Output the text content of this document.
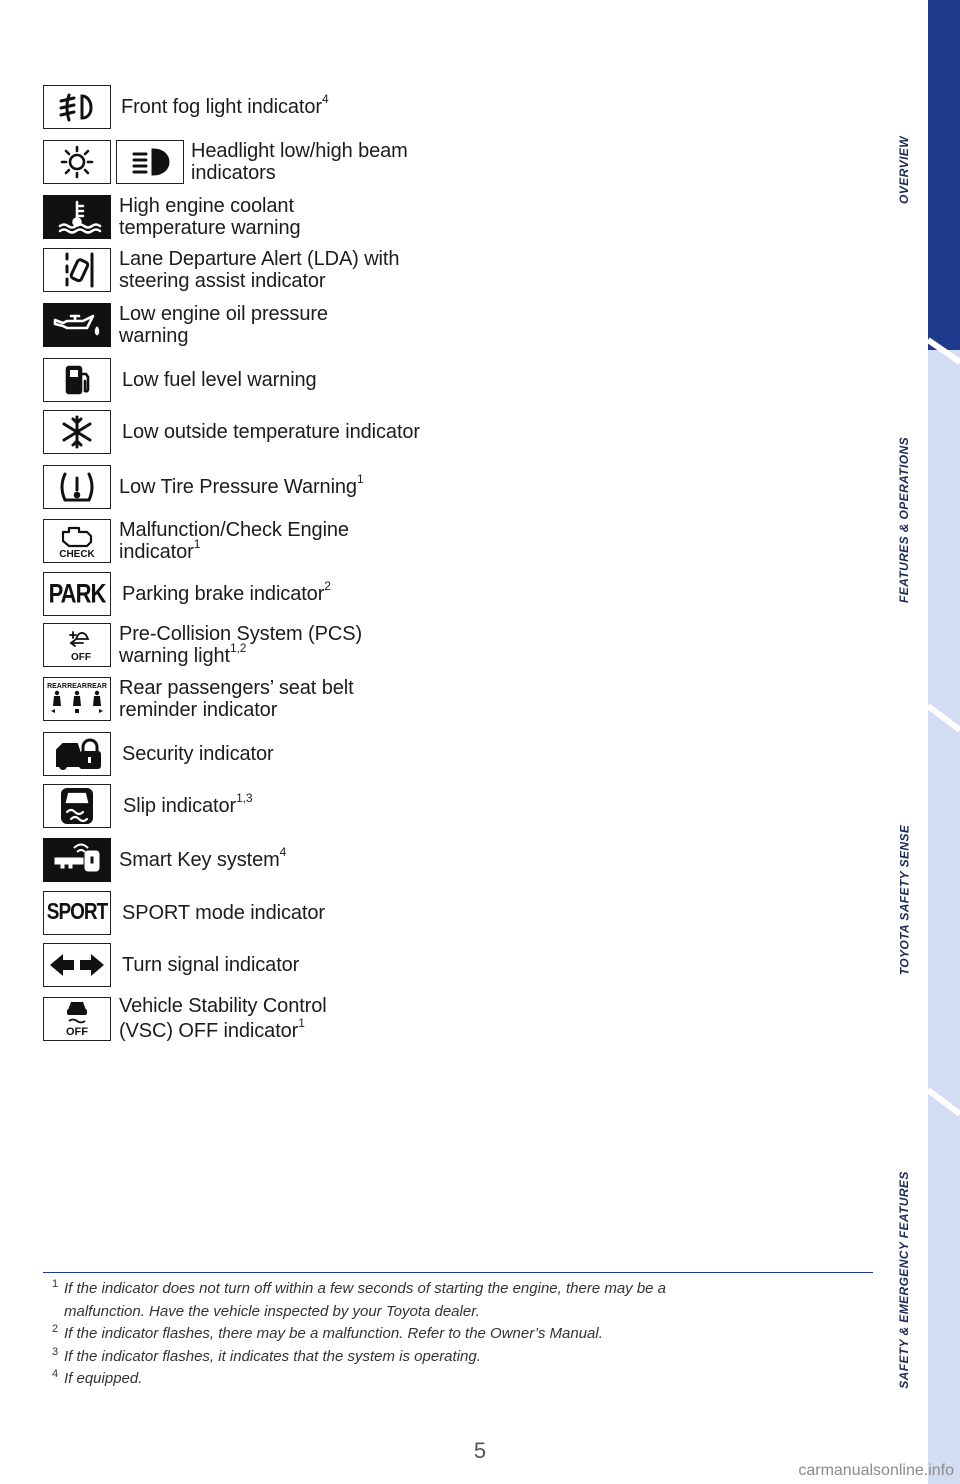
Front fog light indicator$^4$
Headlight low/high beam
indicators
High engine coolant
temperature warning
Lane Departure Alert (LDA) with
steering assist indicator
Low engine oil pressure
warning
Low fuel level warning
Low outside temperature indicator
Low Tire Pressure Warning$^1$
CHECK
Malfunction/Check Engine
indicator$^1$
PARK Parking brake indicator$^2$
OFF
Pre-Collision System (PCS)
warning light$^{1,2}$
REAR REAR REAR Rear passengers’ seat belt
reminder indicator
Security indicator
Slip indicator$^{1,3}$
Smart Key system$^4$
SPORT SPORT mode indicator
Turn signal indicator
OFF
Vehicle Stability Control
(VSC) OFF indicator$^1$
OVERVIEW
FEATURES & OPERATIONS
TOYOTA SAFETY SENSE
SAFETY & EMERGENCY FEATURES
1 If the indicator does not turn off within a few seconds of starting the engine, there may be a
malfunction. Have the vehicle inspected by your Toyota dealer.
2 If the indicator flashes, there may be a malfunction. Refer to the Owner’s Manual.
3 If the indicator flashes, it indicates that the system is operating.
4 If equipped.
5
carmanualsonline.info
